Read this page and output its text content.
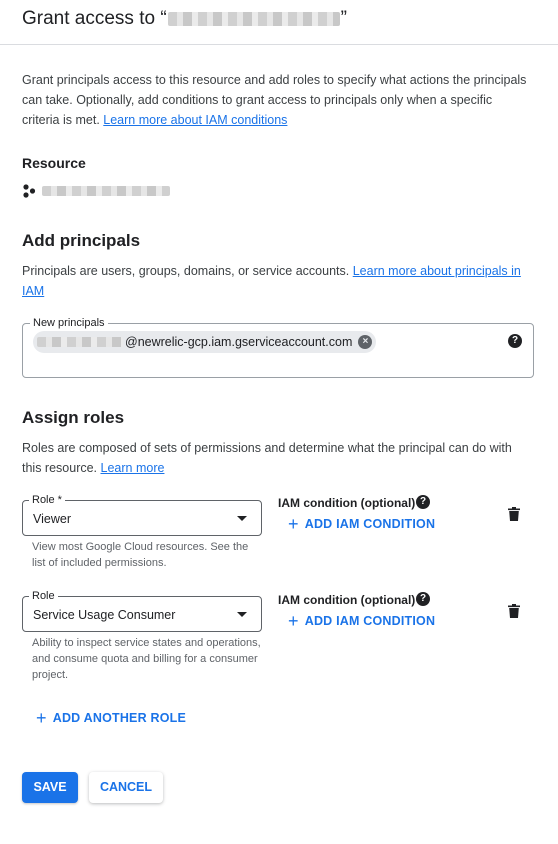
Grant access to “	”
Grant principals access to this resource and add roles to specify what actions the principals can take. Optionally, add conditions to grant access to principals only when a specific criteria is met. Learn more about IAM conditions
Resource
Add principals
Principals are users, groups, domains, or service accounts. Learn more about principals in IAM
New principals
@newrelic-gcp.iam.gserviceaccount.com	×	?
Assign roles
Roles are composed of sets of permissions and determine what the principal can do with this resource. Learn more
Role *
Viewer
View most Google Cloud resources. See the list of included permissions.
IAM condition (optional) ?
+ ADD IAM CONDITION
Role
Service Usage Consumer
Ability to inspect service states and operations, and consume quota and billing for a consumer project.
IAM condition (optional) ?
+ ADD IAM CONDITION
+ ADD ANOTHER ROLE
SAVE	CANCEL
